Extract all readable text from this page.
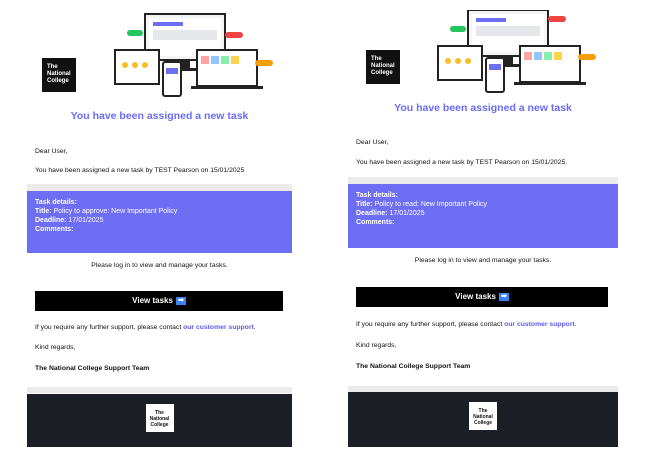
The
National
College

You have been assigned a new task

Dear User,

You have been assigned a new task by TEST Pearson on 15/01/2025

Task details:
Title: Policy to approve: New Important Policy
Deadline: 17/01/2025
Comments:

Please log in to view and manage your tasks.

View tasks ➡

If you require any further support, please contact our customer support.

Kind regards,

The National College Support Team

The National College
The
National
College

You have been assigned a new task

Dear User,

You have been assigned a new task by TEST Pearson on 15/01/2025.

Task details:
Title: Policy to read: New Important Policy
Deadline: 17/01/2025
Comments:

Please log in to view and manage your tasks.

View tasks ➡

If you require any further support, please contact our customer support.

Kind regards,

The National College Support Team

The National College
